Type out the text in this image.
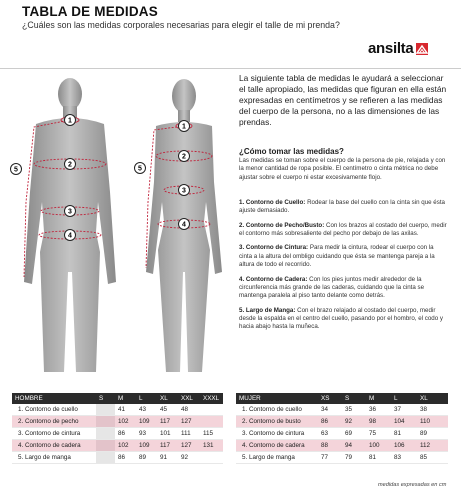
TABLA DE MEDIDAS
¿Cuáles son las medidas corporales necesarias para elegir el talle de mi prenda?
ansilta
1
2
3
4
5
1
2
3
4
5
La siguiente tabla de medidas le ayudará a seleccionar el talle apropiado, las medidas que figuran en ella están expresadas en centímetros y se refieren a las medidas del cuerpo de la persona, no a las dimensiones de las prendas.
¿Cómo tomar las medidas?
Las medidas se toman sobre el cuerpo de la persona de pie, relajada y con la menor cantidad de ropa posible. El centímetro o cinta métrica no debe ajustar sobre el cuerpo ni estar excesivamente flojo.
1. Contorno de Cuello: Rodear la base del cuello con la cinta sin que ésta ajuste demasiado.
2. Contorno de Pecho/Busto: Con los brazos al costado del cuerpo, medir el contorno más sobresaliente del pecho por debajo de las axilas.
3. Contorno de Cintura: Para medir la cintura, rodear el cuerpo con la cinta a la altura del ombligo cuidando que ésta se mantenga pareja a la altura de todo el recorrido.
4. Contorno de Cadera: Con los pies juntos medir alrededor de la circunferencia más grande de las caderas, cuidando que la cinta se mantenga paralela al piso tanto delante como detrás.
5. Largo de Manga: Con el brazo relajado al costado del cuerpo, medir desde la espalda en el centro del cuello, pasando por el hombro, el codo y hacia abajo hasta la muñeca.
HOMBRE	S	M	L	XL	XXL	XXXL
1. Contorno de cuello		41	43	45	48	
2. Contorno de pecho		102	109	117	127	
3. Contorno de cintura		86	93	101	111	115
4. Contorno de cadera		102	109	117	127	131
5. Largo de manga		86	89	91	92	
MUJER	XS	S	M	L	XL
1. Contorno de cuello	34	35	36	37	38
2. Contorno de busto	86	92	98	104	110
3. Contorno de cintura	63	69	75	81	89
4. Contorno de cadera	88	94	100	106	112
5. Largo de manga	77	79	81	83	85
medidas expresadas en cm
